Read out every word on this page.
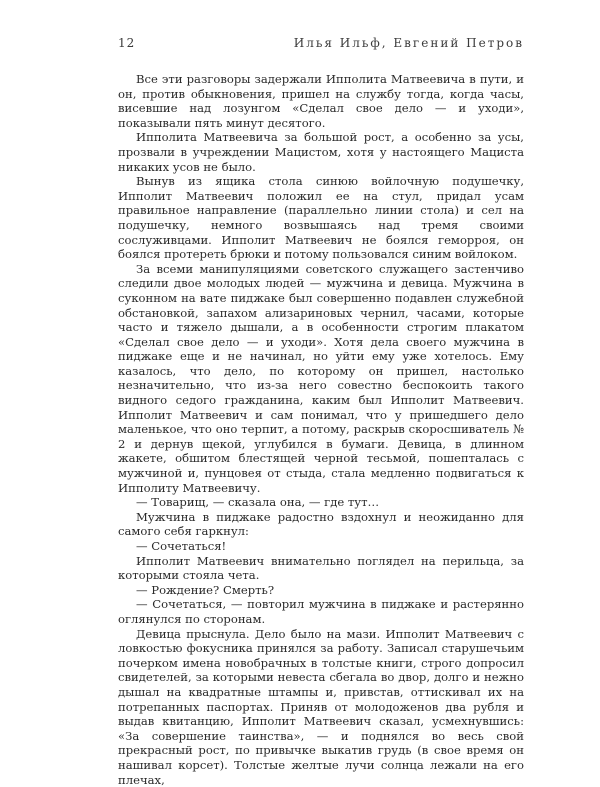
12	Илья Ильф, Евгений Петров

Все эти разговоры задержали Ипполита Матвеевича в пути, и он, против обыкновения, пришел на службу тогда, когда часы, висевшие над лозунгом «Сделал свое дело — и уходи», показывали пять минут десятого.

Ипполита Матвеевича за большой рост, а особенно за усы, прозвали в учреждении Мацистом, хотя у настоящего Мациста никаких усов не было.

Вынув из ящика стола синюю войлочную подушечку, Ипполит Матвеевич положил ее на стул, придал усам правильное направление (параллельно линии стола) и сел на подушечку, немного возвышаясь над тремя своими сослуживцами. Ипполит Матвеевич не боялся геморроя, он боялся протереть брюки и потому пользовался синим войлоком.

За всеми манипуляциями советского служащего застенчиво следили двое молодых людей — мужчина и девица. Мужчина в суконном на вате пиджаке был совершенно подавлен служебной обстановкой, запахом ализариновых чернил, часами, которые часто и тяжело дышали, а в особенности строгим плакатом «Сделал свое дело — и уходи». Хотя дела своего мужчина в пиджаке еще и не начинал, но уйти ему уже хотелось. Ему казалось, что дело, по которому он пришел, настолько незначительно, что из-за него совестно беспокоить такого видного седого гражданина, каким был Ипполит Матвеевич. Ипполит Матвеевич и сам понимал, что у пришедшего дело маленькое, что оно терпит, а потому, раскрыв скоросшиватель № 2 и дернув щекой, углубился в бумаги. Девица, в длинном жакете, обшитом блестящей черной тесьмой, пошепталась с мужчиной и, пунцовея от стыда, стала медленно подвигаться к Ипполиту Матвеевичу.

— Товарищ, — сказала она, — где тут…

Мужчина в пиджаке радостно вздохнул и неожиданно для самого себя гаркнул:

— Сочетаться!

Ипполит Матвеевич внимательно поглядел на перильца, за которыми стояла чета.

— Рождение? Смерть?

— Сочетаться, — повторил мужчина в пиджаке и растерянно оглянулся по сторонам.

Девица прыснула. Дело было на мази. Ипполит Матвеевич с ловкостью фокусника принялся за работу. Записал старушечьим почерком имена новобрачных в толстые книги, строго допросил свидетелей, за которыми невеста сбегала во двор, долго и нежно дышал на квадратные штампы и, привстав, оттискивал их на потрепанных паспортах. Приняв от молодоженов два рубля и выдав квитанцию, Ипполит Матвеевич сказал, усмехнувшись: «За совершение таинства», — и поднялся во весь свой прекрасный рост, по привычке выкатив грудь (в свое время он нашивал корсет). Толстые желтые лучи солнца лежали на его плечах,
